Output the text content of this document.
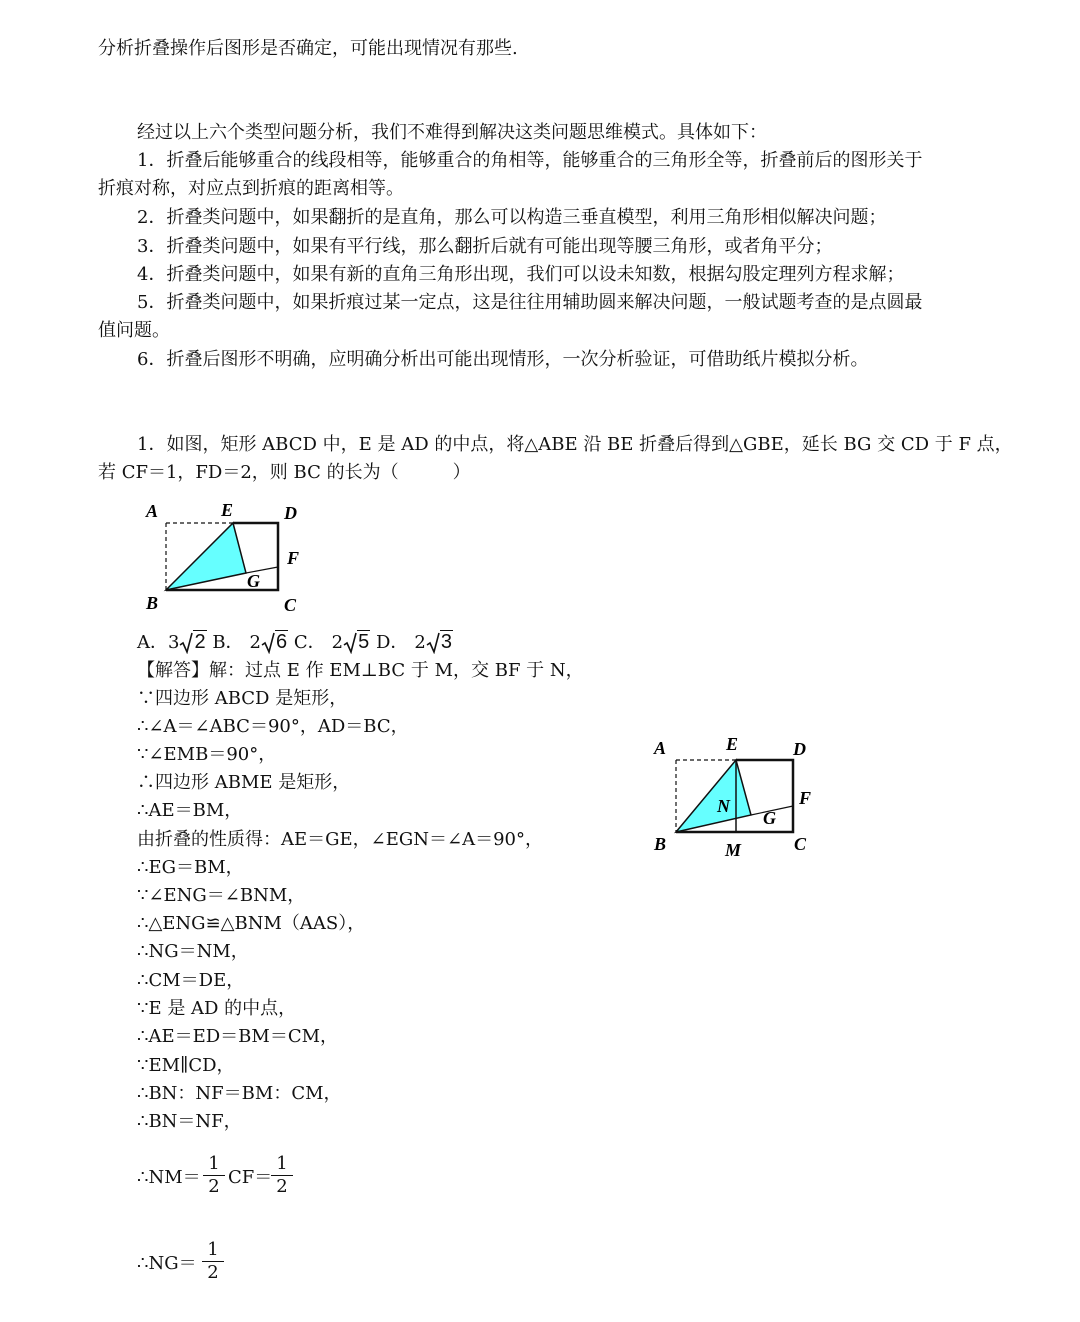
分析折叠操作后图形是否确定，可能出现情况有那些.
经过以上六个类型问题分析，我们不难得到解决这类问题思维模式。具体如下：
1．折叠后能够重合的线段相等，能够重合的角相等，能够重合的三角形全等，折叠前后的图形关于
折痕对称，对应点到折痕的距离相等。
2．折叠类问题中，如果翻折的是直角，那么可以构造三垂直模型，利用三角形相似解决问题；
3．折叠类问题中，如果有平行线，那么翻折后就有可能出现等腰三角形，或者角平分；
4．折叠类问题中，如果有新的直角三角形出现，我们可以设未知数，根据勾股定理列方程求解；
5．折叠类问题中，如果折痕过某一定点，这是往往用辅助圆来解决问题，一般试题考查的是点圆最
值问题。
6．折叠后图形不明确，应明确分析出可能出现情形，一次分析验证，可借助纸片模拟分析。
1．如图，矩形 ABCD 中，E 是 AD 的中点，将△ABE 沿 BE 折叠后得到△GBE，延长 BG 交 CD 于 F 点，
若 CF＝1，FD＝2，则 BC 的长为（　　　）
A	E	D
F
G
B	C
A．3 2 B． 2 6 C． 2 5 D． 2 3
【解答】解：过点 E 作 EM⊥BC 于 M，交 BF 于 N，
∵四边形 ABCD 是矩形，
∴∠A＝∠ABC＝90°，AD＝BC，
∵∠EMB＝90°，
∴四边形 ABME 是矩形，
∴AE＝BM，
由折叠的性质得：AE＝GE，∠EGN＝∠A＝90°，
∴EG＝BM，
∵∠ENG＝∠BNM，
∴△ENG≌△BNM（AAS），
∴NG＝NM，
∴CM＝DE，
∵E 是 AD 的中点，
∴AE＝ED＝BM＝CM，
∵EM∥CD，
∴BN：NF＝BM：CM，
∴BN＝NF，
∴NM＝
1
2 CF＝
1
2
∴NG＝
1
2
A	E	D
F
N
G
B	M	C
